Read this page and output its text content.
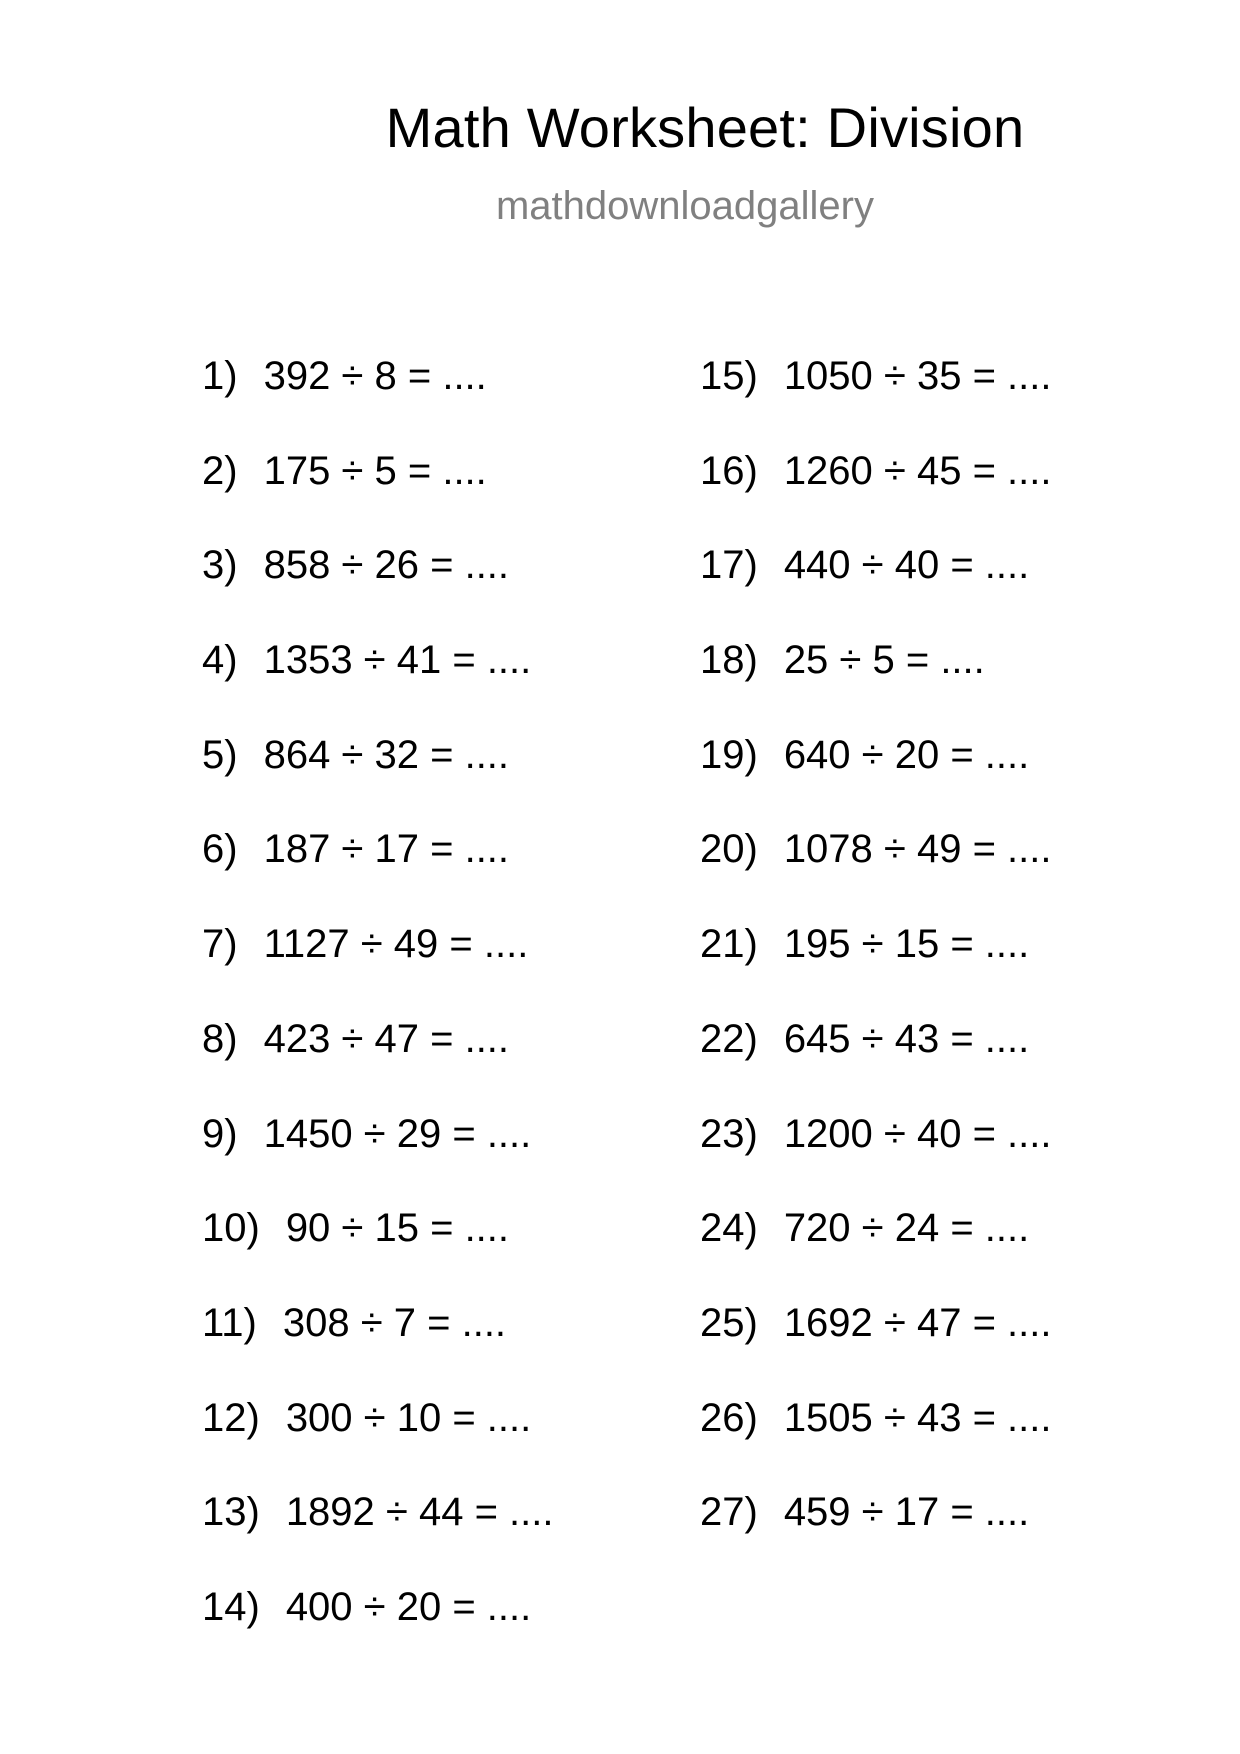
Math Worksheet: Division
mathdownloadgallery
1) 392 ÷ 8 = ....
2) 175 ÷ 5 = ....
3) 858 ÷ 26 = ....
4) 1353 ÷ 41 = ....
5) 864 ÷ 32 = ....
6) 187 ÷ 17 = ....
7) 1127 ÷ 49 = ....
8) 423 ÷ 47 = ....
9) 1450 ÷ 29 = ....
10) 90 ÷ 15 = ....
11) 308 ÷ 7 = ....
12) 300 ÷ 10 = ....
13) 1892 ÷ 44 = ....
14) 400 ÷ 20 = ....
15) 1050 ÷ 35 = ....
16) 1260 ÷ 45 = ....
17) 440 ÷ 40 = ....
18) 25 ÷ 5 = ....
19) 640 ÷ 20 = ....
20) 1078 ÷ 49 = ....
21) 195 ÷ 15 = ....
22) 645 ÷ 43 = ....
23) 1200 ÷ 40 = ....
24) 720 ÷ 24 = ....
25) 1692 ÷ 47 = ....
26) 1505 ÷ 43 = ....
27) 459 ÷ 17 = ....
